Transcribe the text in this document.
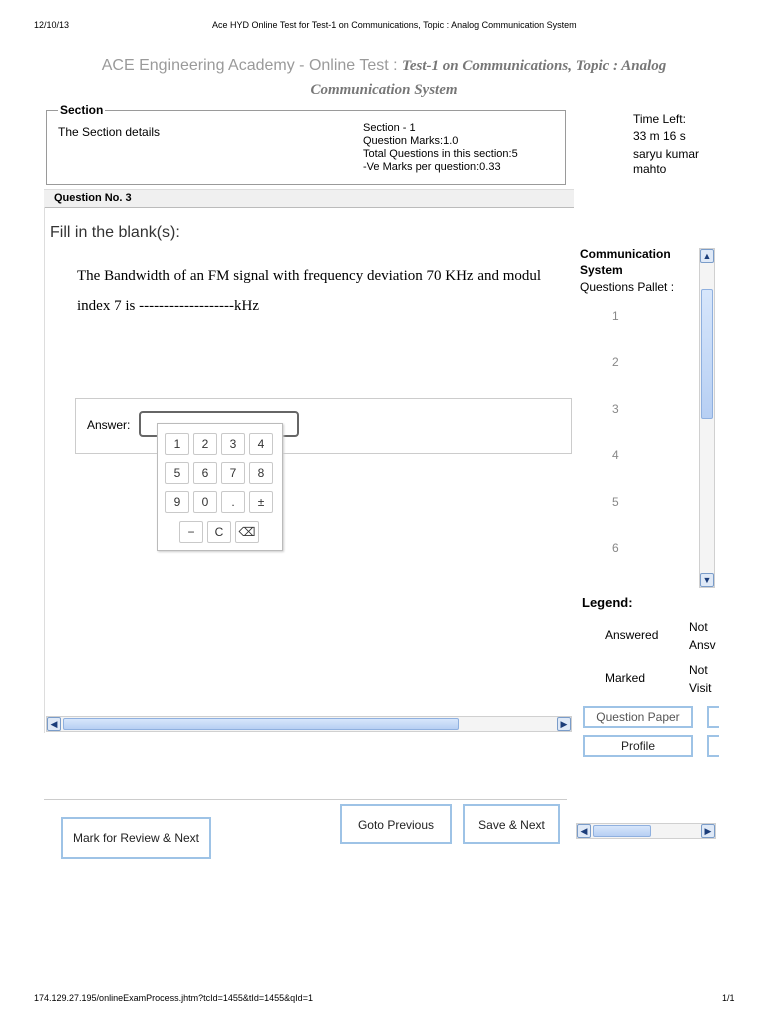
12/10/13	Ace HYD Online Test for Test-1 on Communications, Topic : Analog Communication System
ACE Engineering Academy - Online Test : Test-1 on Communications, Topic : Analog
Communication System
Section
The Section details	Section - 1
Question Marks:1.0
Total Questions in this section:5
-Ve Marks per question:0.33
Time Left:
33 m 16 s
saryu kumar
mahto
Question No. 3
Fill in the blank(s):
The Bandwidth of an FM signal with frequency deviation 70 KHz and modul
index 7 is -------------------kHz
Answer:
1	2	3	4
5	6	7	8
9	0	.	±
−	C	⌫
◀	▶
Communication
System
Questions Pallet :
1
2
3
4
5
6
▲
▼
Legend:
Answered
Not
Ansv
Marked
Not
Visit
Question Paper
Profile
Mark for Review & Next
Goto Previous	Save & Next	◀	▶
174.129.27.195/onlineExamProcess.jhtm?tcId=1455&tId=1455&qId=1	1/1
